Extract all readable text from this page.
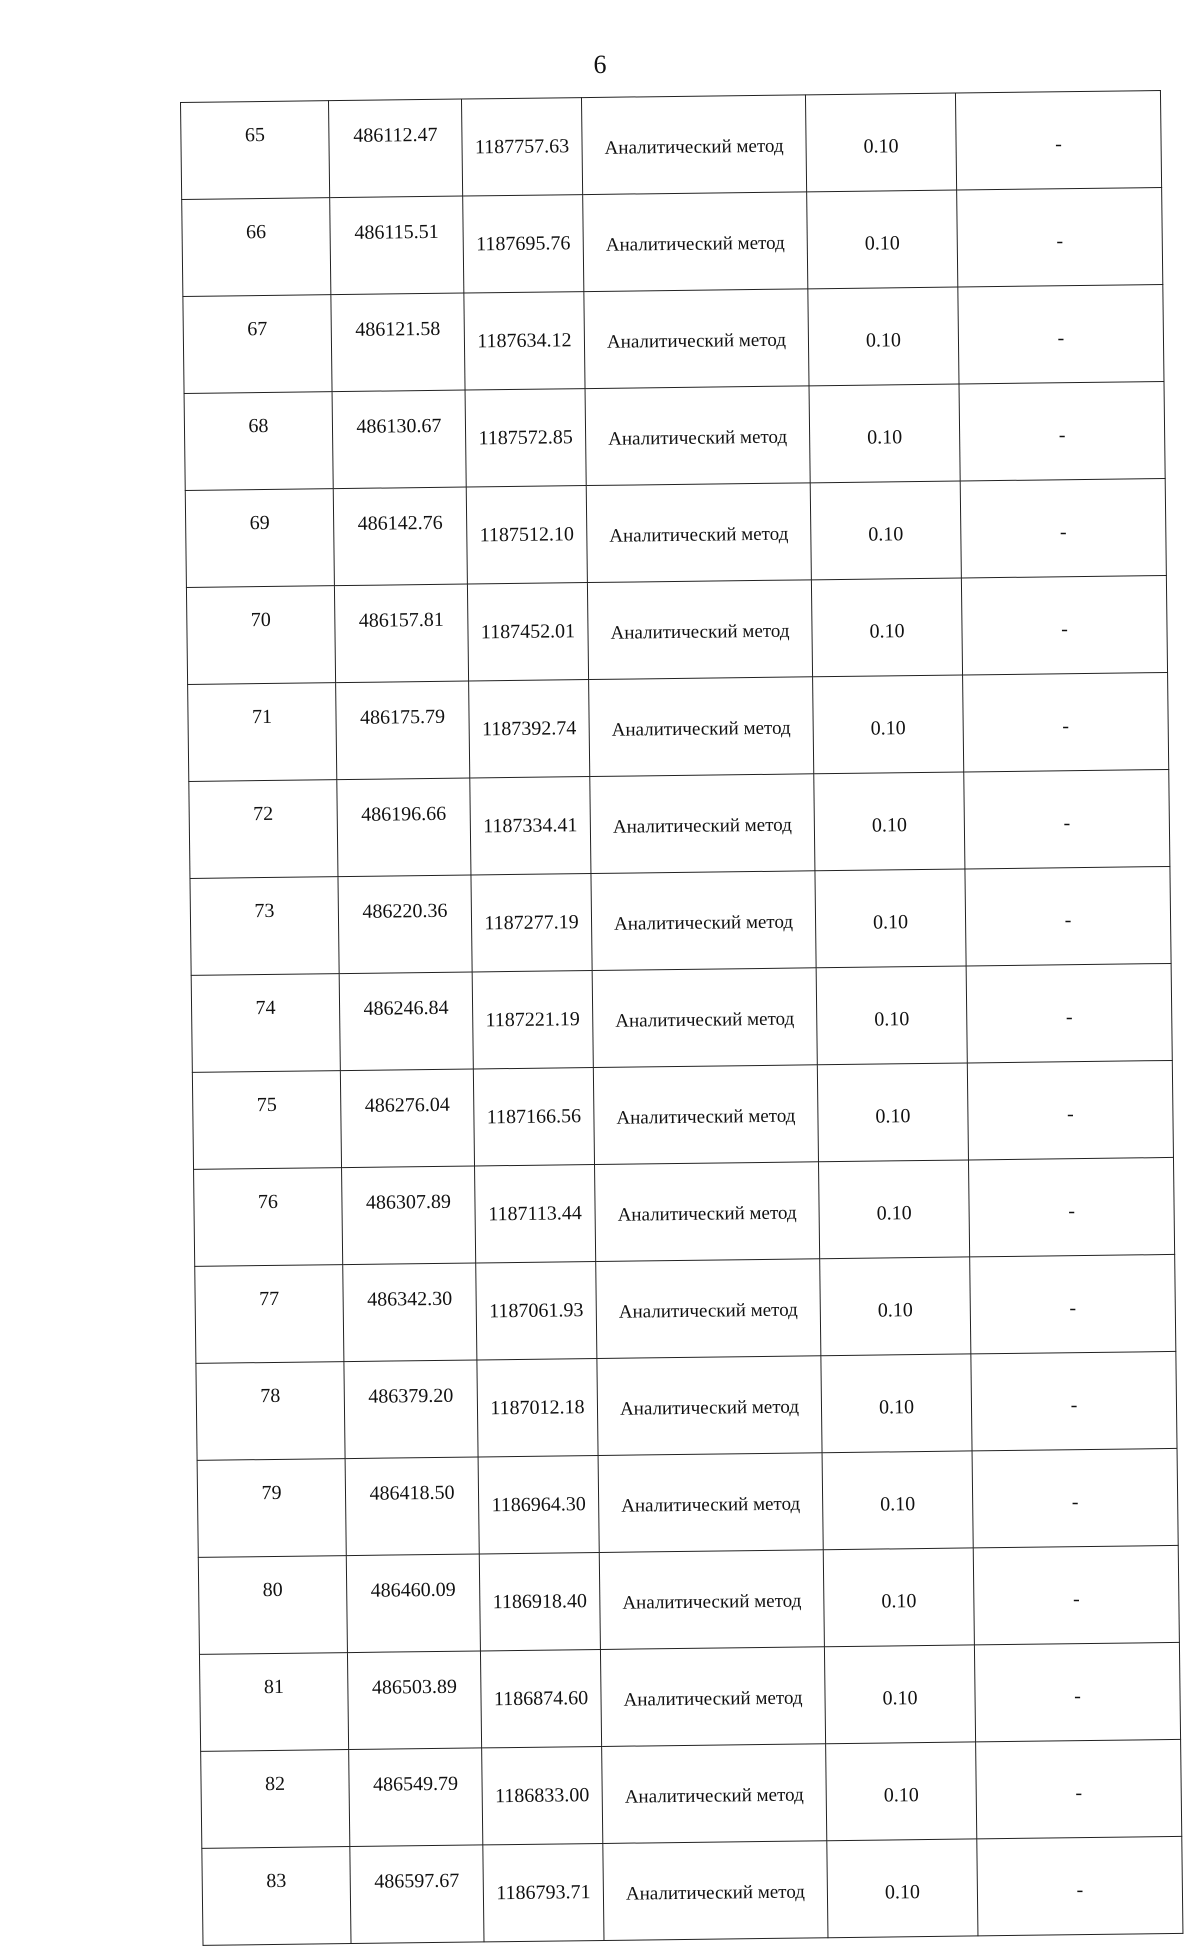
6
65	486112.47	1187757.63	Аналитический метод	0.10	-
66	486115.51	1187695.76	Аналитический метод	0.10	-
67	486121.58	1187634.12	Аналитический метод	0.10	-
68	486130.67	1187572.85	Аналитический метод	0.10	-
69	486142.76	1187512.10	Аналитический метод	0.10	-
70	486157.81	1187452.01	Аналитический метод	0.10	-
71	486175.79	1187392.74	Аналитический метод	0.10	-
72	486196.66	1187334.41	Аналитический метод	0.10	-
73	486220.36	1187277.19	Аналитический метод	0.10	-
74	486246.84	1187221.19	Аналитический метод	0.10	-
75	486276.04	1187166.56	Аналитический метод	0.10	-
76	486307.89	1187113.44	Аналитический метод	0.10	-
77	486342.30	1187061.93	Аналитический метод	0.10	-
78	486379.20	1187012.18	Аналитический метод	0.10	-
79	486418.50	1186964.30	Аналитический метод	0.10	-
80	486460.09	1186918.40	Аналитический метод	0.10	-
81	486503.89	1186874.60	Аналитический метод	0.10	-
82	486549.79	1186833.00	Аналитический метод	0.10	-
83	486597.67	1186793.71	Аналитический метод	0.10	-
